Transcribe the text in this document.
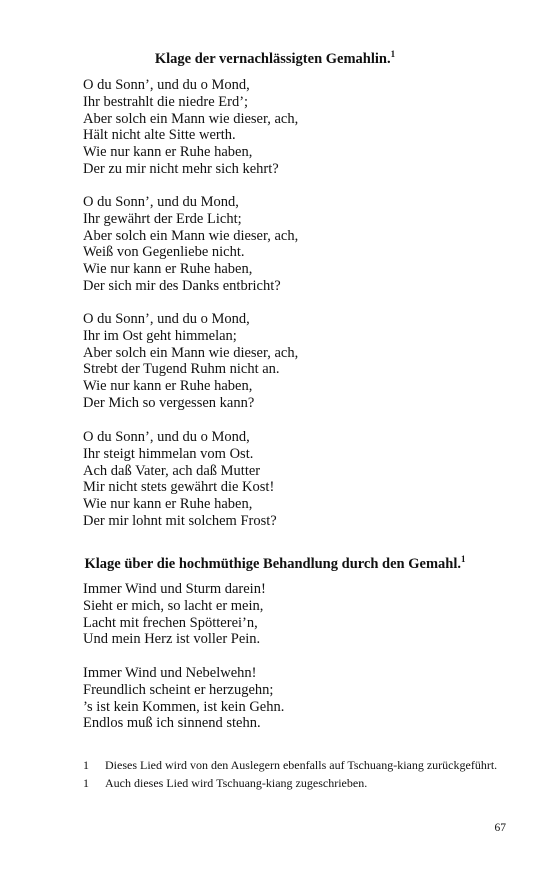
Klage der vernachlässigten Gemahlin.$^1$
O du Sonn’, und du o Mond,
Ihr bestrahlt die niedre Erd’;
Aber solch ein Mann wie dieser, ach,
Hält nicht alte Sitte werth.
Wie nur kann er Ruhe haben,
Der zu mir nicht mehr sich kehrt?
O du Sonn’, und du Mond,
Ihr gewährt der Erde Licht;
Aber solch ein Mann wie dieser, ach,
Weiß von Gegenliebe nicht.
Wie nur kann er Ruhe haben,
Der sich mir des Danks entbricht?
O du Sonn’, und du o Mond,
Ihr im Ost geht himmelan;
Aber solch ein Mann wie dieser, ach,
Strebt der Tugend Ruhm nicht an.
Wie nur kann er Ruhe haben,
Der Mich so vergessen kann?
O du Sonn’, und du o Mond,
Ihr steigt himmelan vom Ost.
Ach daß Vater, ach daß Mutter
Mir nicht stets gewährt die Kost!
Wie nur kann er Ruhe haben,
Der mir lohnt mit solchem Frost?
Klage über die hochmüthige Behandlung durch den Gemahl.$^1$
Immer Wind und Sturm darein!
Sieht er mich, so lacht er mein,
Lacht mit frechen Spötterei’n,
Und mein Herz ist voller Pein.
Immer Wind und Nebelwehn!
Freundlich scheint er herzugehn;
’s ist kein Kommen, ist kein Gehn.
Endlos muß ich sinnend stehn.
1	Dieses Lied wird von den Auslegern ebenfalls auf Tschuang-kiang zurückgeführt.
1	Auch dieses Lied wird Tschuang-kiang zugeschrieben.
67
